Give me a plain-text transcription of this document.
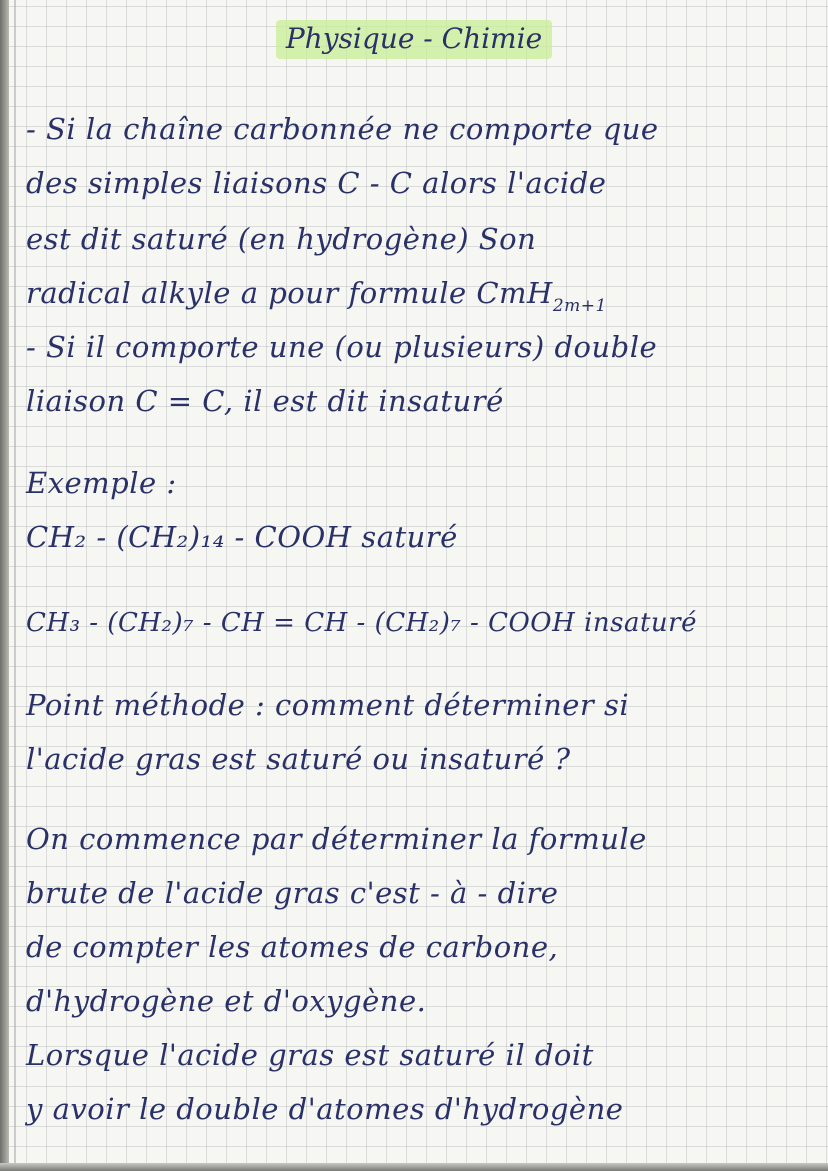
Physique - Chimie
- Si la chaîne carbonnée ne comporte que
des simples liaisons C - C alors l'acide
est dit saturé (en hydrogène) Son
radical alkyle a pour formule CmH$_{2m+1}$
- Si il comporte une (ou plusieurs) double
liaison C = C, il est dit insaturé
Exemple :
CH₂ - (CH₂)₁₄ - COOH saturé
CH₃ - (CH₂)₇ - CH = CH - (CH₂)₇ - COOH insaturé
Point méthode : comment déterminer si
l'acide gras est saturé ou insaturé ?
On commence par déterminer la formule
brute de l'acide gras c'est - à - dire
de compter les atomes de carbone,
d'hydrogène et d'oxygène.
Lorsque l'acide gras est saturé il doit
y avoir le double d'atomes d'hydrogène
